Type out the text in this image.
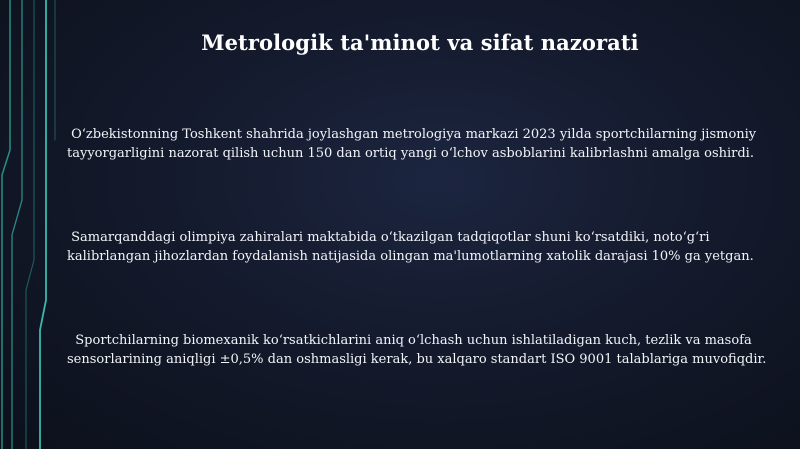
Metrologik ta'minot va sifat nazorati
Oʻzbekistonning Toshkent shahrida joylashgan metrologiya markazi 2023 yilda sportchilarning jismoniy tayyorgarligini nazorat qilish uchun 150 dan ortiq yangi oʻlchov asboblarini kalibrlashni amalga oshirdi.
Samarqanddagi olimpiya zahiralari maktabida oʻtkazilgan tadqiqotlar shuni koʻrsatdiki, notoʻgʻri kalibrlangan jihozlardan foydalanish natijasida olingan ma'lumotlarning xatolik darajasi 10% ga yetgan.
Sportchilarning biomexanik koʻrsatkichlarini aniq oʻlchash uchun ishlatiladigan kuch, tezlik va masofa sensorlarining aniqligi ±0,5% dan oshmasligi kerak, bu xalqaro standart ISO 9001 talablariga muvofiqdir.
